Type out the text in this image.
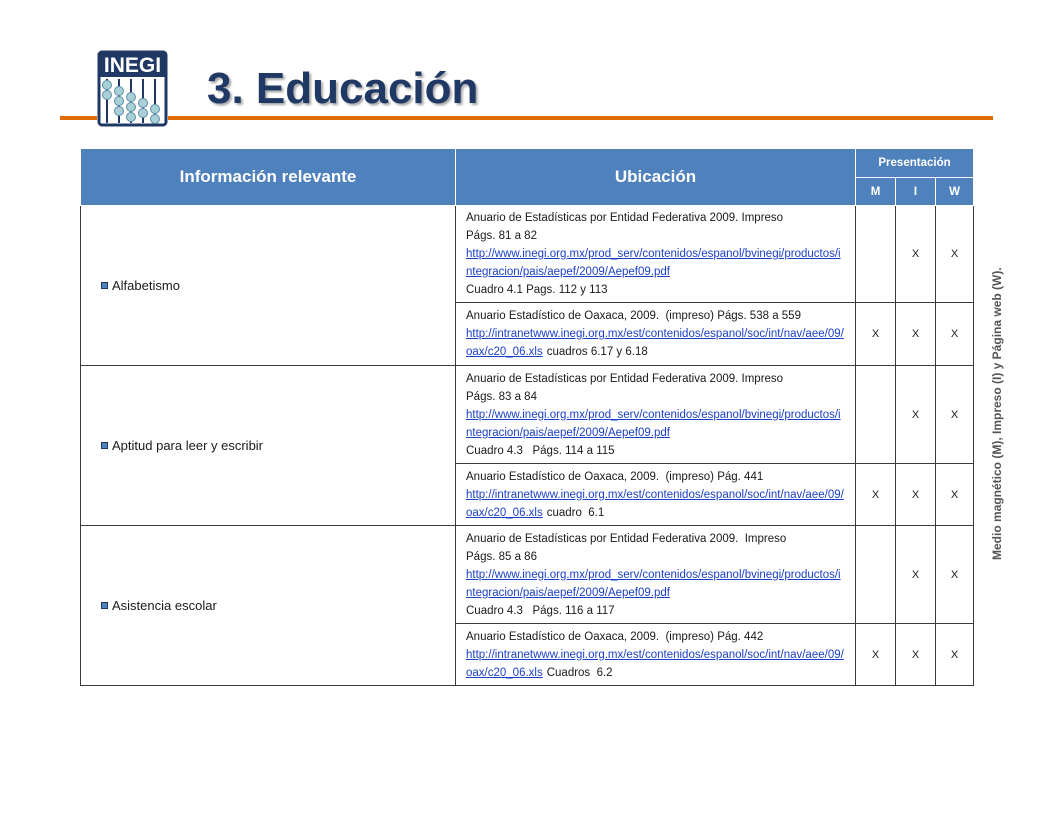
INEGI 3. Educación
Información relevante	Ubicación	Presentación		
		M	I	W
Alfabetismo	Anuario de Estadísticas por Entidad Federativa 2009. Impreso
Págs. 81 a 82
http://www.inegi.org.mx/prod_serv/contenidos/espanol/bvinegi/productos/integracion/pais/aepef/2009/Aepef09.pdf
Cuadro 4.1 Pags. 112 y 113		X	X

	Anuario Estadístico de Oaxaca, 2009.  (impreso) Págs. 538 a 559
http://intranetwww.inegi.org.mx/est/contenidos/espanol/soc/int/nav/aee/09/oax/c20_06.xls cuadros 6.17 y 6.18	X	X	X
Aptitud para leer y escribir	Anuario de Estadísticas por Entidad Federativa 2009. Impreso
Págs. 83 a 84
http://www.inegi.org.mx/prod_serv/contenidos/espanol/bvinegi/productos/integracion/pais/aepef/2009/Aepef09.pdf
Cuadro 4.3   Págs. 114 a 115		X	X

	Anuario Estadístico de Oaxaca, 2009.  (impreso) Pág. 441
http://intranetwww.inegi.org.mx/est/contenidos/espanol/soc/int/nav/aee/09/oax/c20_06.xls cuadro  6.1	X	X	X
Asistencia escolar	Anuario de Estadísticas por Entidad Federativa 2009.  Impreso
Págs. 85 a 86
http://www.inegi.org.mx/prod_serv/contenidos/espanol/bvinegi/productos/integracion/pais/aepef/2009/Aepef09.pdf
Cuadro 4.3   Págs. 116 a 117		X	X

	Anuario Estadístico de Oaxaca, 2009.  (impreso) Pág. 442
http://intranetwww.inegi.org.mx/est/contenidos/espanol/soc/int/nav/aee/09/oax/c20_06.xls Cuadros  6.2	X	X	X
Medio magnético (M), Impreso (I) y Página web (W).
